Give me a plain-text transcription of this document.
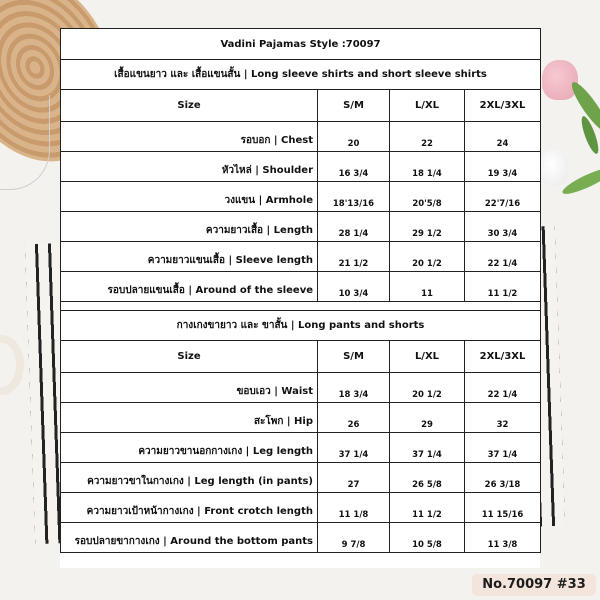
Vadini Pajamas Style :70097			
เสื้อแขนยาว และ เสื้อแขนสั้น | Long sleeve shirts and short sleeve shirts			
Size	S/M	L/XL	2XL/3XL
รอบอก | Chest	20	22	24
หัวไหล่ | Shoulder	16 3/4	18 1/4	19 3/4
วงแขน | Armhole	18'13/16	20'5/8	22'7/16
ความยาวเสื้อ | Length	28 1/4	29 1/2	30 3/4
ความยาวแขนเสื้อ | Sleeve length	21 1/2	20 1/2	22 1/4
รอบปลายแขนเสื้อ | Around of the sleeve	10 3/4	11	11 1/2

กางเกงขายาว และ ขาสั้น | Long pants and shorts			
Size	S/M	L/XL	2XL/3XL
ขอบเอว | Waist	18 3/4	20 1/2	22 1/4
สะโพก | Hip	26	29	32
ความยาวขานอกกางเกง | Leg length	37 1/4	37 1/4	37 1/4
ความยาวขาในกางเกง | Leg length (in pants)	27	26 5/8	26 3/18
ความยาวเป้าหน้ากางเกง | Front crotch length	11 1/8	11 1/2	11 15/16
รอบปลายขากางเกง | Around the bottom pants	9 7/8	10 5/8	11 3/8
No.70097 #33
